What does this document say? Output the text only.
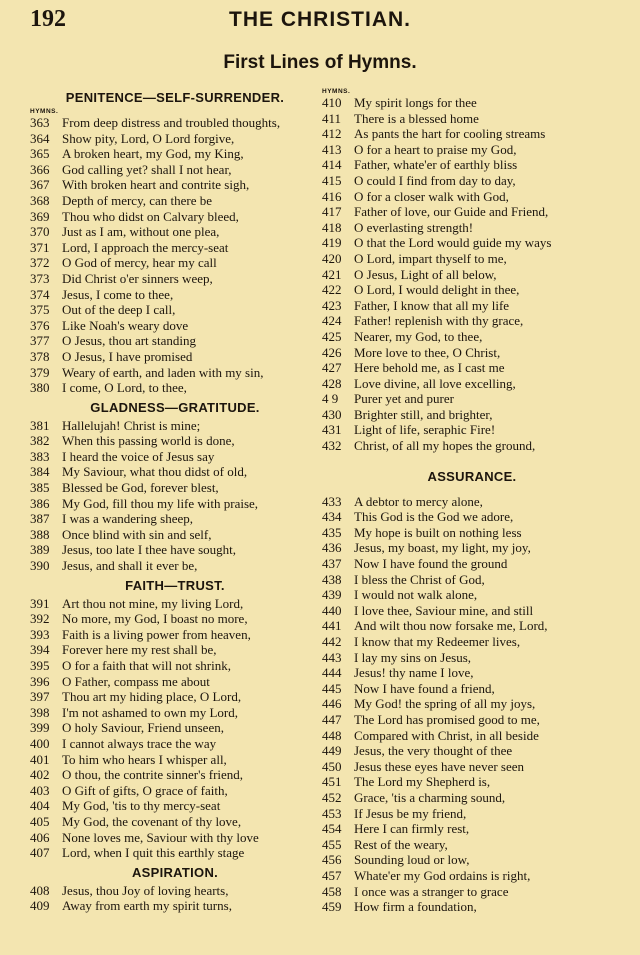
192	THE CHRISTIAN.
First Lines of Hymns.
PENITENCE—SELF-SURRENDER.
HYMNS.
363 From deep distress and troubled thoughts,
364 Show pity, Lord, O Lord forgive,
365 A broken heart, my God, my King,
366 God calling yet? shall I not hear,
367 With broken heart and contrite sigh,
368 Depth of mercy, can there be
369 Thou who didst on Calvary bleed,
370 Just as I am, without one plea,
371 Lord, I approach the mercy-seat
372 O God of mercy, hear my call
373 Did Christ o'er sinners weep,
374 Jesus, I come to thee,
375 Out of the deep I call,
376 Like Noah's weary dove
377 O Jesus, thou art standing
378 O Jesus, I have promised
379 Weary of earth, and laden with my sin,
380 I come, O Lord, to thee,
GLADNESS—GRATITUDE.
381 Hallelujah! Christ is mine;
382 When this passing world is done,
383 I heard the voice of Jesus say
384 My Saviour, what thou didst of old,
385 Blessed be God, forever blest,
386 My God, fill thou my life with praise,
387 I was a wandering sheep,
388 Once blind with sin and self,
389 Jesus, too late I thee have sought,
390 Jesus, and shall it ever be,
FAITH—TRUST.
391 Art thou not mine, my living Lord,
392 No more, my God, I boast no more,
393 Faith is a living power from heaven,
394 Forever here my rest shall be,
395 O for a faith that will not shrink,
396 O Father, compass me about
397 Thou art my hiding place, O Lord,
398 I'm not ashamed to own my Lord,
399 O holy Saviour, Friend unseen,
400 I cannot always trace the way
401 To him who hears I whisper all,
402 O thou, the contrite sinner's friend,
403 O Gift of gifts, O grace of faith,
404 My God, 'tis to thy mercy-seat
405 My God, the covenant of thy love,
406 None loves me, Saviour with thy love
407 Lord, when I quit this earthly stage
ASPIRATION.
408 Jesus, thou Joy of loving hearts,
409 Away from earth my spirit turns,
HYMNS.
410 My spirit longs for thee
411 There is a blessed home
412 As pants the hart for cooling streams
413 O for a heart to praise my God,
414 Father, whate'er of earthly bliss
415 O could I find from day to day,
416 O for a closer walk with God,
417 Father of love, our Guide and Friend,
418 O everlasting strength!
419 O that the Lord would guide my ways
420 O Lord, impart thyself to me,
421 O Jesus, Light of all below,
422 O Lord, I would delight in thee,
423 Father, I know that all my life
424 Father! replenish with thy grace,
425 Nearer, my God, to thee,
426 More love to thee, O Christ,
427 Here behold me, as I cast me
428 Love divine, all love excelling,
4 9	Purer yet and purer
430 Brighter still, and brighter,
431 Light of life, seraphic Fire!
432 Christ, of all my hopes the ground,
ASSURANCE.
433 A debtor to mercy alone,
434 This God is the God we adore,
435 My hope is built on nothing less
436 Jesus, my boast, my light, my joy,
437 Now I have found the ground
438 I bless the Christ of God,
439 I would not walk alone,
440 I love thee, Saviour mine, and still
441 And wilt thou now forsake me, Lord,
442 I know that my Redeemer lives,
443 I lay my sins on Jesus,
444 Jesus! thy name I love,
445 Now I have found a friend,
446 My God! the spring of all my joys,
447 The Lord has promised good to me,
448 Compared with Christ, in all beside
449 Jesus, the very thought of thee
450 Jesus these eyes have never seen
451 The Lord my Shepherd is,
452 Grace, 'tis a charming sound,
453 If Jesus be my friend,
454 Here I can firmly rest,
455 Rest of the weary,
456 Sounding loud or low,
457 Whate'er my God ordains is right,
458 I once was a stranger to grace
459 How firm a foundation,
